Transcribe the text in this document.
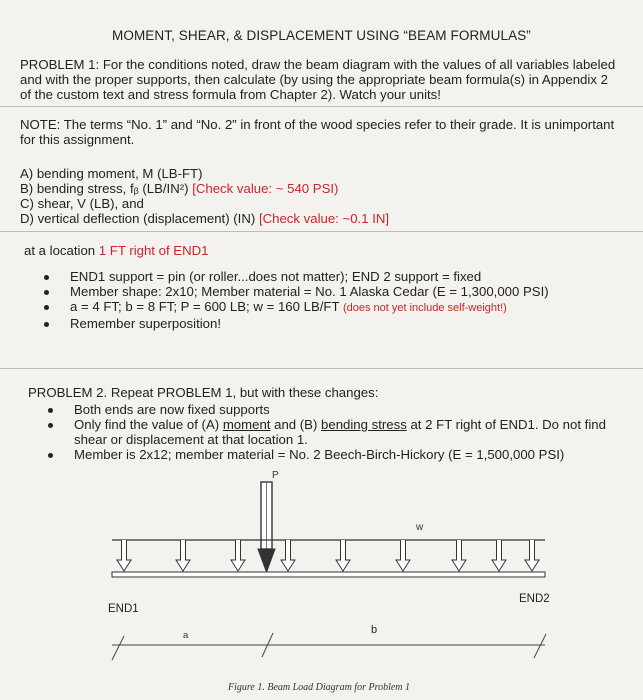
MOMENT, SHEAR, & DISPLACEMENT USING “BEAM FORMULAS”
PROBLEM 1: For the conditions noted, draw the beam diagram with the values of all variables labeled
and with the proper supports, then calculate (by using the appropriate beam formula(s) in Appendix 2
of the custom text and stress formula from Chapter 2). Watch your units!
NOTE: The terms “No. 1” and “No. 2” in front of the wood species refer to their grade. It is unimportant
for this assignment.
A) bending moment, M (LB-FT)
B) bending stress, fᵦ (LB/IN²) [Check value: ~ 540 PSI)
C) shear, V (LB), and
D) vertical deflection (displacement) (IN) [Check value: ~0.1 IN]
at a location 1 FT right of END1
END1 support = pin (or roller...does not matter); END 2 support = fixed
Member shape: 2x10; Member material = No. 1 Alaska Cedar (E = 1,300,000 PSI)
a = 4 FT; b = 8 FT; P = 600 LB; w = 160 LB/FT (does not yet include self-weight!)
Remember superposition!
PROBLEM 2. Repeat PROBLEM 1, but with these changes:
Both ends are now fixed supports
Only find the value of (A) moment and (B) bending stress at 2 FT right of END1. Do not find
shear or displacement at that location 1.
Member is 2x12; member material = No. 2 Beech-Birch-Hickory (E = 1,500,000 PSI)
P
w
END1
END2
a	b
Figure 1. Beam Load Diagram for Problem 1
